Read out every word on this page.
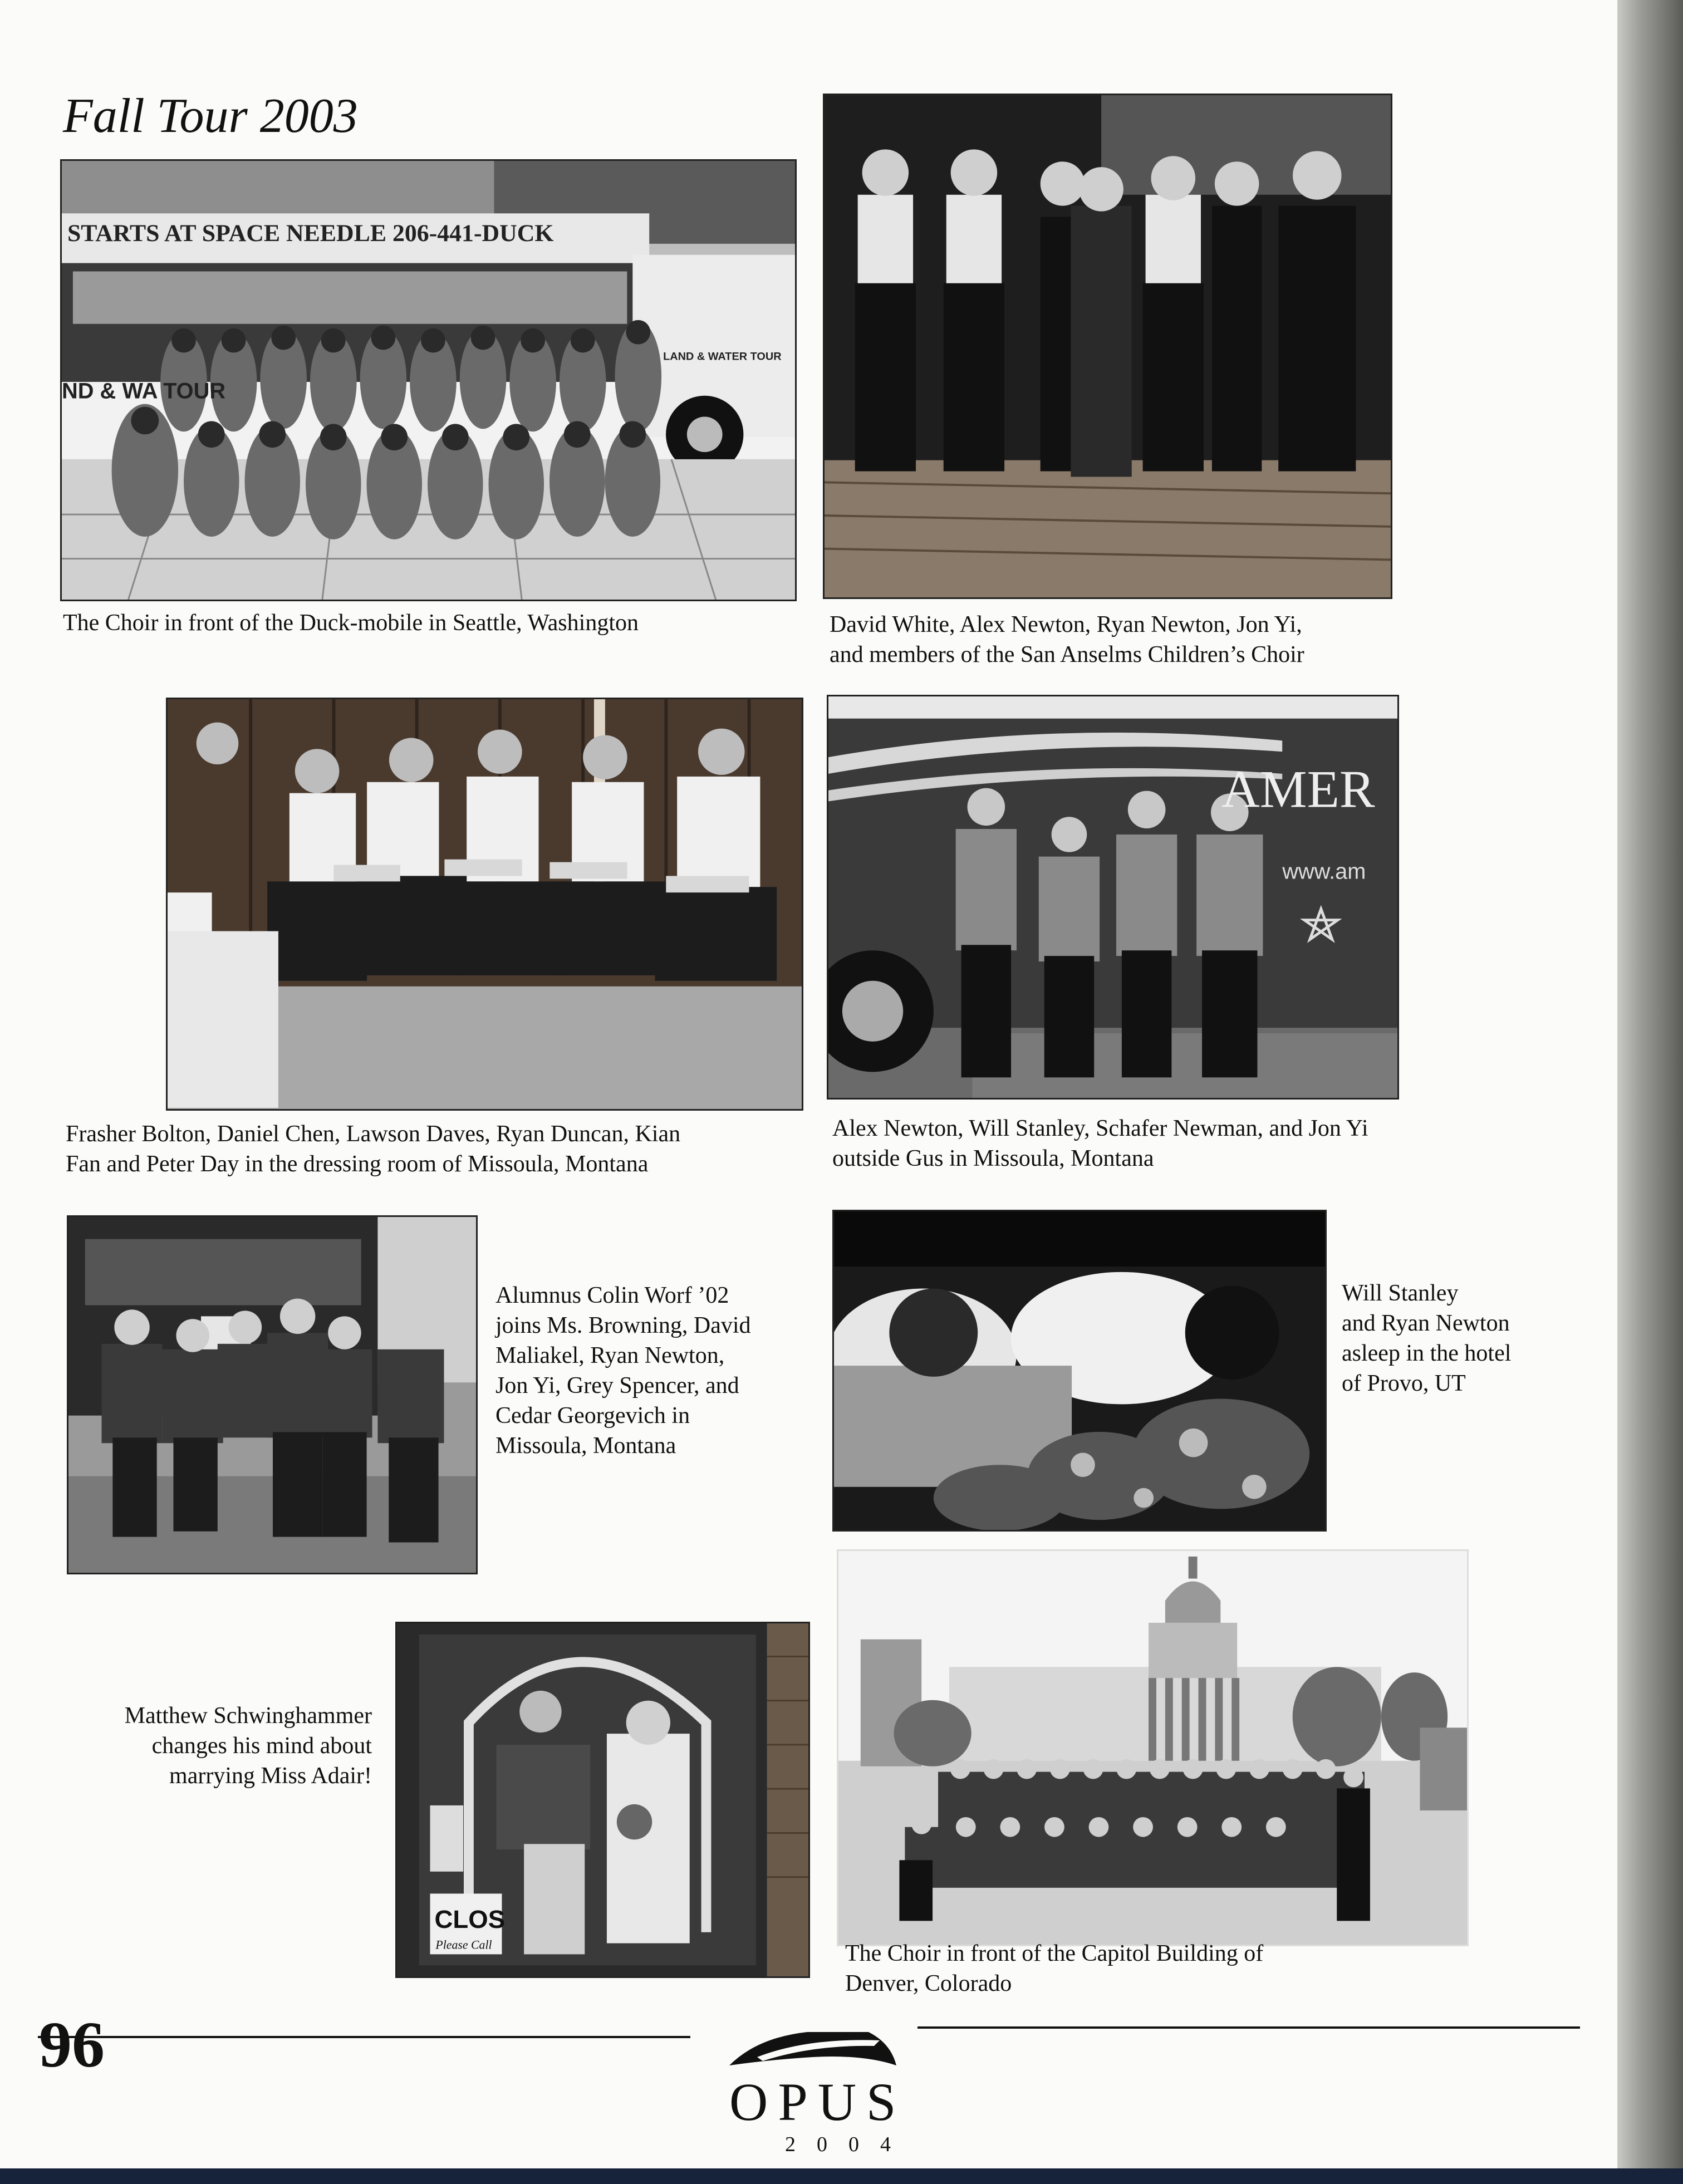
Fall Tour 2003
STARTS AT SPACE NEEDLE 206-441-DUCK
ND & WA TOUR
LAND & WATER TOUR

The Choir in front of the Duck-mobile in Seattle, Washington	David White, Alex Newton, Ryan Newton, Jon Yi,
and members of the San Anselms Children’s Choir

Frasher Bolton, Daniel Chen, Lawson Daves, Ryan Duncan, Kian
Fan and Peter Day in the dressing room of Missoula, Montana

AMER
www.am

Alex Newton, Will Stanley, Schafer Newman, and Jon Yi
outside Gus in Missoula, Montana

Alumnus Colin Worf ’02
joins Ms. Browning, David
Maliakel, Ryan Newton,
Jon Yi, Grey Spencer, and
Cedar Georgevich in
Missoula, Montana

Will Stanley
and Ryan Newton
asleep in the hotel
of Provo, UT

CLOS
Please Call

Matthew Schwinghammer
changes his mind about
marrying Miss Adair!

The Choir in front of the Capitol Building of
Denver, Colorado

96
OPUS
2004
